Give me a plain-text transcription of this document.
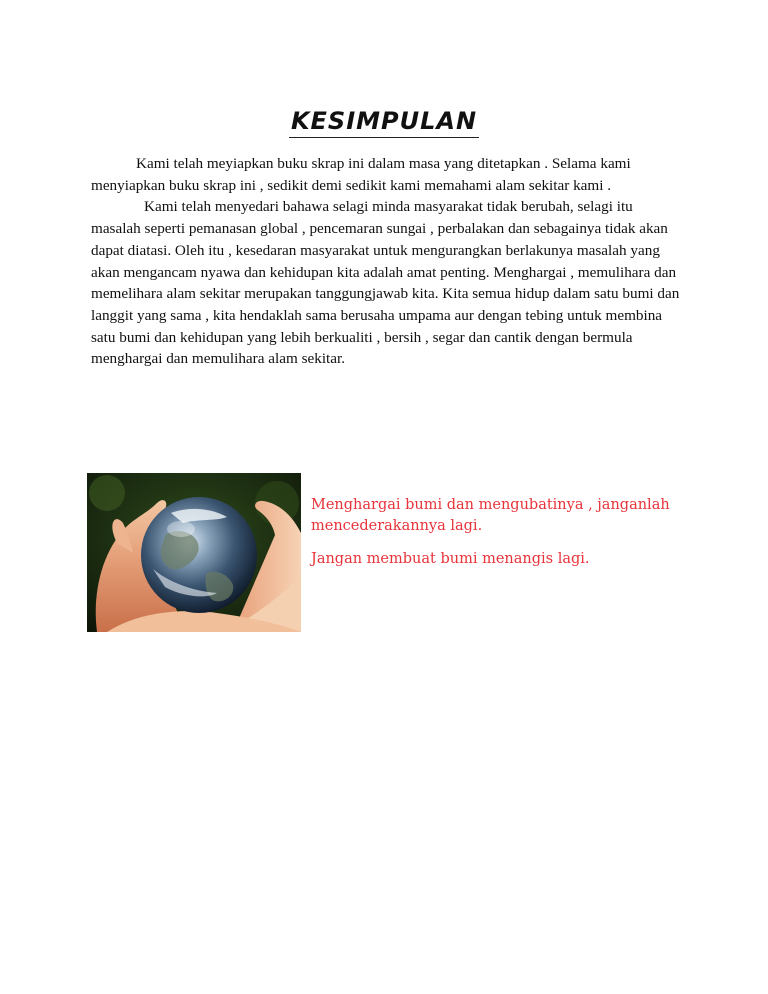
KESIMPULAN

Kami telah meyiapkan buku skrap ini dalam masa yang ditetapkan . Selama kami menyiapkan buku skrap ini , sedikit demi sedikit kami memahami alam sekitar kami .

Kami telah menyedari bahawa selagi minda masyarakat tidak berubah, selagi itu masalah seperti pemanasan global , pencemaran sungai , perbalakan dan sebagainya tidak akan dapat diatasi. Oleh itu , kesedaran masyarakat untuk mengurangkan berlakunya masalah yang akan mengancam nyawa dan kehidupan kita adalah amat penting. Menghargai , memulihara dan memelihara alam sekitar merupakan tanggungjawab kita. Kita semua hidup dalam satu bumi dan langgit yang sama , kita hendaklah sama berusaha umpama aur dengan tebing untuk membina satu bumi dan kehidupan yang lebih berkualiti , bersih , segar dan cantik dengan bermula menghargai dan memulihara alam sekitar.

Menghargai bumi dan mengubatinya , janganlah mencederakannya lagi.

Jangan membuat bumi menangis lagi.
